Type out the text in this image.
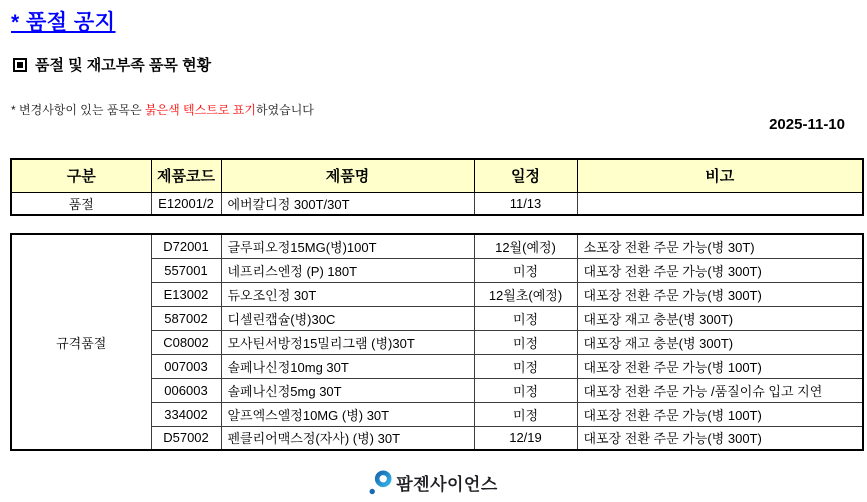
* 품절 공지
품절 및 재고부족 품목 현황
* 변경사항이 있는 품목은 붉은색 텍스트로 표기하였습니다
2025-11-10
구분	제품코드	제품명	일정	비고
품절	E12001/2	에버칼디정 300T/30T	11/13	
규격품절	D72001	글루피오정15MG(병)100T	12월(예정)	소포장 전환 주문 가능(병 30T)
	557001	네프리스엔정 (P) 180T	미정	대포장 전환 주문 가능(병 300T)
	E13002	듀오조인정 30T	12월초(예정)	대포장 전환 주문 가능(병 300T)
	587002	디셀린캡슐(병)30C	미정	대포장 재고 충분(병 300T)
	C08002	모사틴서방정15밀리그램 (병)30T	미정	대포장 재고 충분(병 300T)
	007003	솔페나신정10mg 30T	미정	대포장 전환 주문 가능(병 100T)
	006003	솔페나신정5mg 30T	미정	대포장 전환 주문 가능 /품질이슈 입고 지연
	334002	알프엑스엘정10MG (병) 30T	미정	대포장 전환 주문 가능(병 100T)
	D57002	펜클리어맥스정(자사) (병) 30T	12/19	대포장 전환 주문 가능(병 300T)
팜젠사이언스
